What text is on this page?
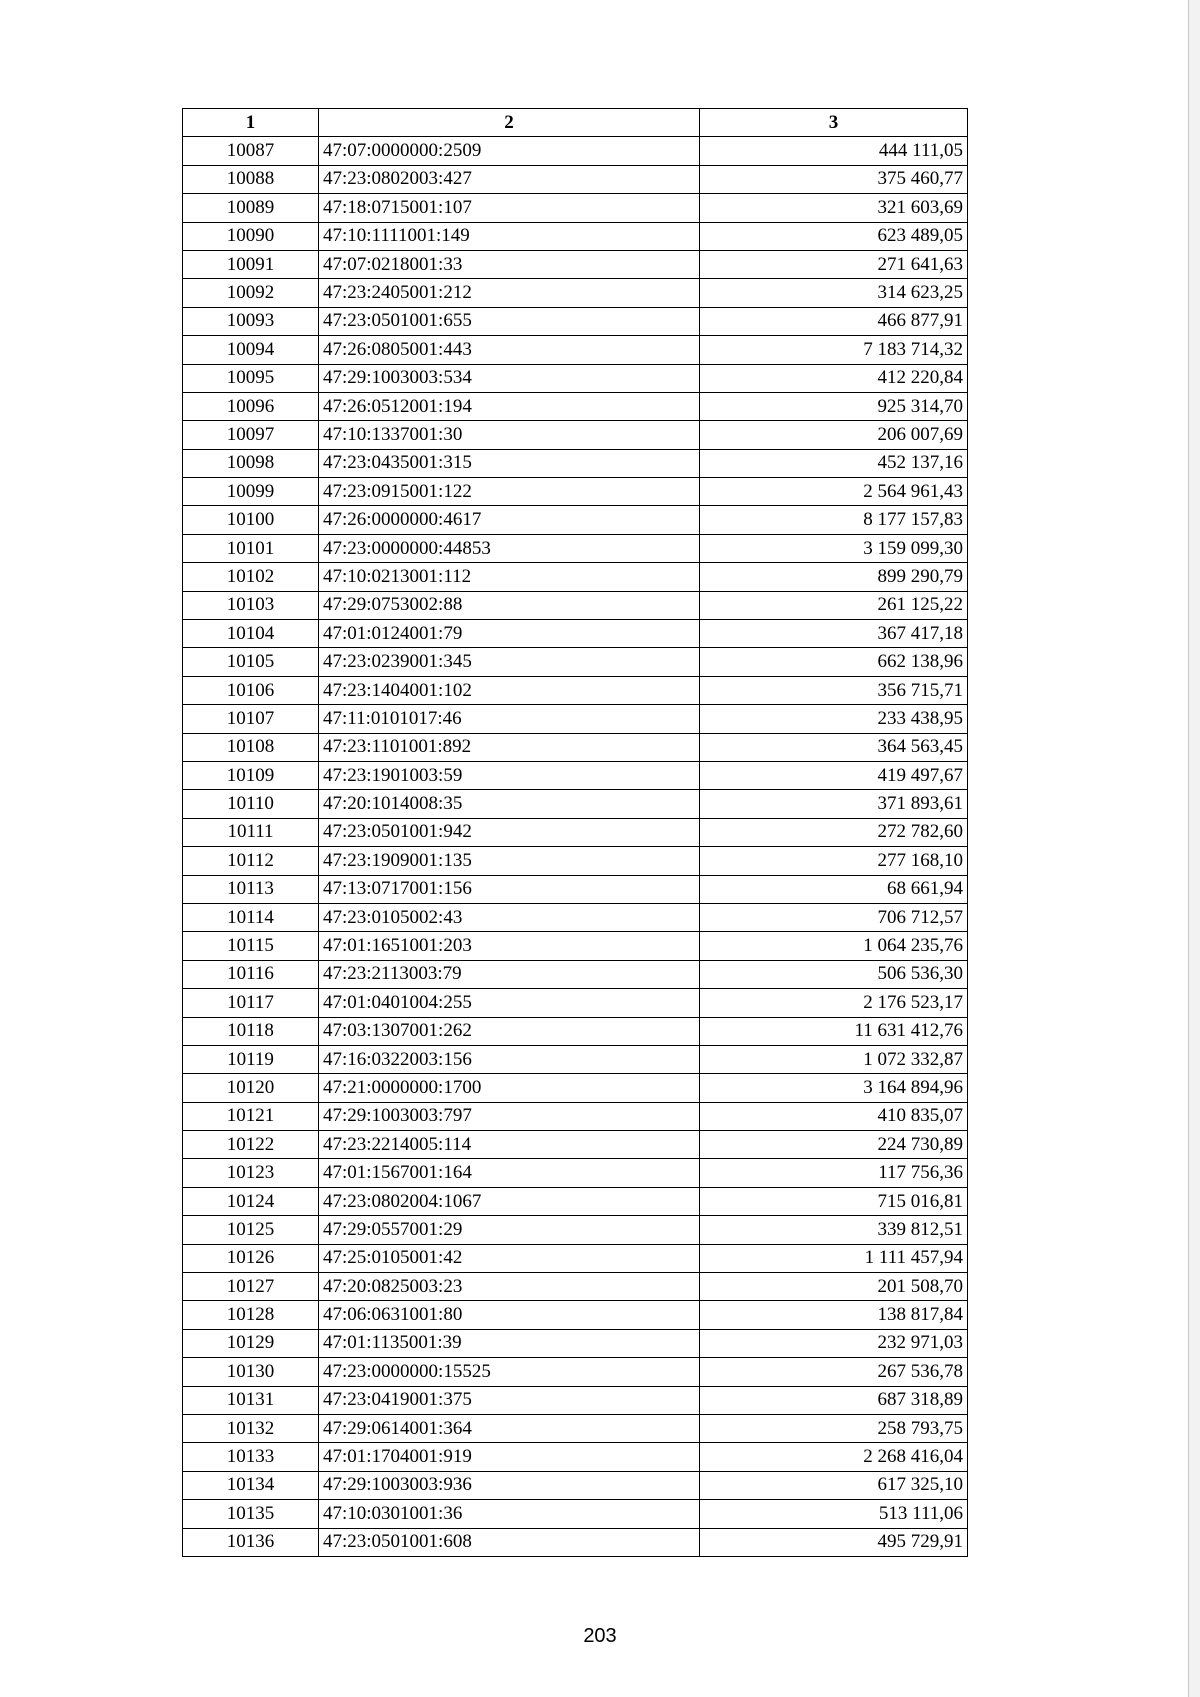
1	2	3
10087	47:07:0000000:2509	444 111,05
10088	47:23:0802003:427	375 460,77
10089	47:18:0715001:107	321 603,69
10090	47:10:1111001:149	623 489,05
10091	47:07:0218001:33	271 641,63
10092	47:23:2405001:212	314 623,25
10093	47:23:0501001:655	466 877,91
10094	47:26:0805001:443	7 183 714,32
10095	47:29:1003003:534	412 220,84
10096	47:26:0512001:194	925 314,70
10097	47:10:1337001:30	206 007,69
10098	47:23:0435001:315	452 137,16
10099	47:23:0915001:122	2 564 961,43
10100	47:26:0000000:4617	8 177 157,83
10101	47:23:0000000:44853	3 159 099,30
10102	47:10:0213001:112	899 290,79
10103	47:29:0753002:88	261 125,22
10104	47:01:0124001:79	367 417,18
10105	47:23:0239001:345	662 138,96
10106	47:23:1404001:102	356 715,71
10107	47:11:0101017:46	233 438,95
10108	47:23:1101001:892	364 563,45
10109	47:23:1901003:59	419 497,67
10110	47:20:1014008:35	371 893,61
10111	47:23:0501001:942	272 782,60
10112	47:23:1909001:135	277 168,10
10113	47:13:0717001:156	68 661,94
10114	47:23:0105002:43	706 712,57
10115	47:01:1651001:203	1 064 235,76
10116	47:23:2113003:79	506 536,30
10117	47:01:0401004:255	2 176 523,17
10118	47:03:1307001:262	11 631 412,76
10119	47:16:0322003:156	1 072 332,87
10120	47:21:0000000:1700	3 164 894,96
10121	47:29:1003003:797	410 835,07
10122	47:23:2214005:114	224 730,89
10123	47:01:1567001:164	117 756,36
10124	47:23:0802004:1067	715 016,81
10125	47:29:0557001:29	339 812,51
10126	47:25:0105001:42	1 111 457,94
10127	47:20:0825003:23	201 508,70
10128	47:06:0631001:80	138 817,84
10129	47:01:1135001:39	232 971,03
10130	47:23:0000000:15525	267 536,78
10131	47:23:0419001:375	687 318,89
10132	47:29:0614001:364	258 793,75
10133	47:01:1704001:919	2 268 416,04
10134	47:29:1003003:936	617 325,10
10135	47:10:0301001:36	513 111,06
10136	47:23:0501001:608	495 729,91
203
